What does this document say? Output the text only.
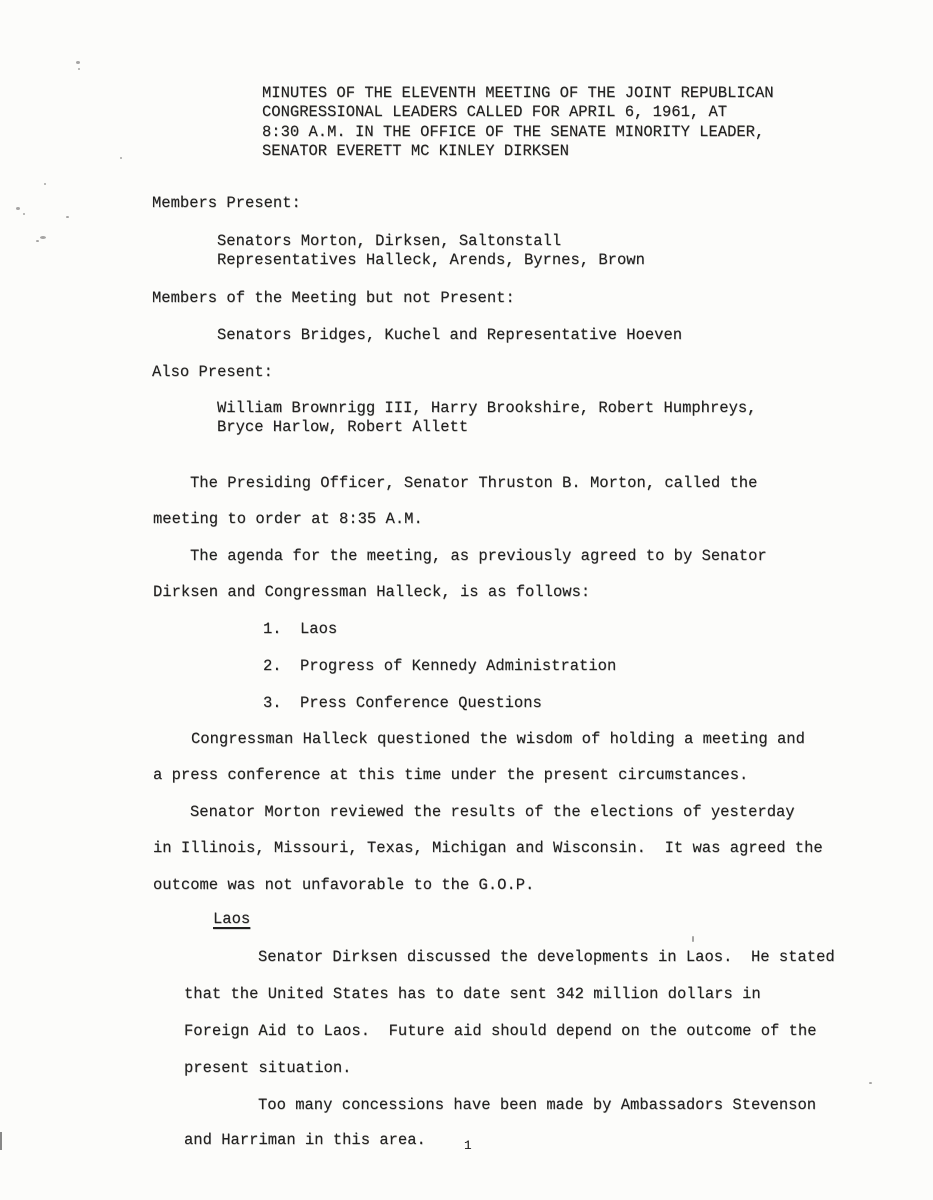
MINUTES OF THE ELEVENTH MEETING OF THE JOINT REPUBLICAN
CONGRESSIONAL LEADERS CALLED FOR APRIL 6, 1961, AT
8:30 A.M. IN THE OFFICE OF THE SENATE MINORITY LEADER,
SENATOR EVERETT MC KINLEY DIRKSEN
Members Present:
Senators Morton, Dirksen, Saltonstall
Representatives Halleck, Arends, Byrnes, Brown
Members of the Meeting but not Present:
Senators Bridges, Kuchel and Representative Hoeven
Also Present:
William Brownrigg III, Harry Brookshire, Robert Humphreys,
Bryce Harlow, Robert Allett
The Presiding Officer, Senator Thruston B. Morton, called the
meeting to order at 8:35 A.M.
The agenda for the meeting, as previously agreed to by Senator
Dirksen and Congressman Halleck, is as follows:
1. Laos
2. Progress of Kennedy Administration
3. Press Conference Questions
Congressman Halleck questioned the wisdom of holding a meeting and
a press conference at this time under the present circumstances.
Senator Morton reviewed the results of the elections of yesterday
in Illinois, Missouri, Texas, Michigan and Wisconsin.  It was agreed the
outcome was not unfavorable to the G.O.P.
Laos
Senator Dirksen discussed the developments in Laos.  He stated
that the United States has to date sent 342 million dollars in
Foreign Aid to Laos.  Future aid should depend on the outcome of the
present situation.
Too many concessions have been made by Ambassadors Stevenson
and Harriman in this area.	1
